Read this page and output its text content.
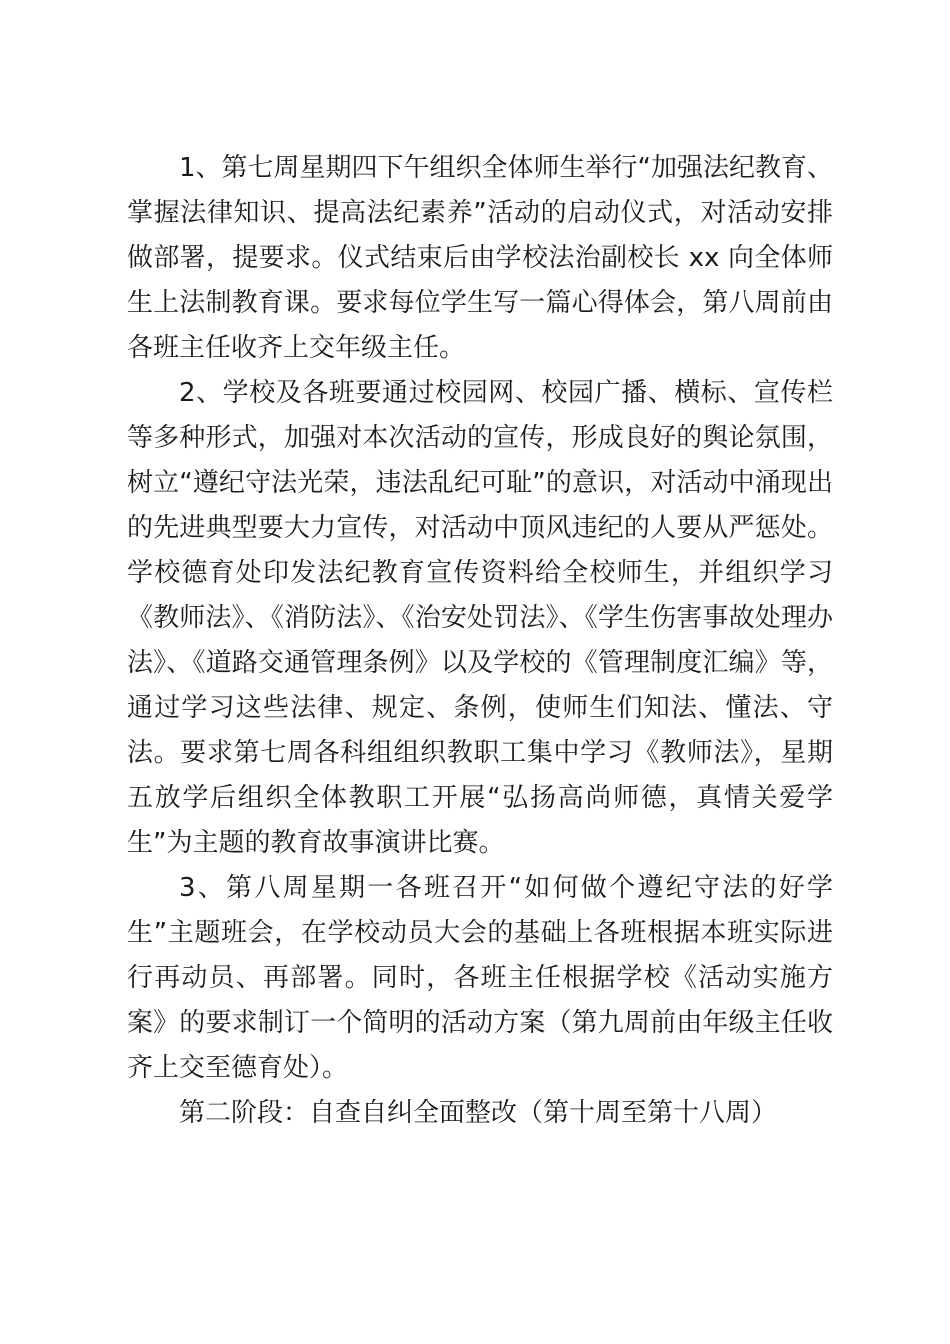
1、第七周星期四下午组织全体师生举行“加强法纪教育、掌握法律知识、提高法纪素养”活动的启动仪式，对活动安排做部署，提要求。仪式结束后由学校法治副校长 xx 向全体师生上法制教育课。要求每位学生写一篇心得体会，第八周前由各班主任收齐上交年级主任。

2、学校及各班要通过校园网、校园广播、横标、宣传栏等多种形式，加强对本次活动的宣传，形成良好的舆论氛围，树立“遵纪守法光荣，违法乱纪可耻”的意识，对活动中涌现出的先进典型要大力宣传，对活动中顶风违纪的人要从严惩处。学校德育处印发法纪教育宣传资料给全校师生，并组织学习《教师法》、《消防法》、《治安处罚法》、《学生伤害事故处理办法》、《道路交通管理条例》以及学校的《管理制度汇编》等，通过学习这些法律、规定、条例，使师生们知法、懂法、守法。要求第七周各科组组织教职工集中学习《教师法》，星期五放学后组织全体教职工开展“弘扬高尚师德，真情关爱学生”为主题的教育故事演讲比赛。

3、第八周星期一各班召开“如何做个遵纪守法的好学生”主题班会，在学校动员大会的基础上各班根据本班实际进行再动员、再部署。同时，各班主任根据学校《活动实施方案》的要求制订一个简明的活动方案（第九周前由年级主任收齐上交至德育处）。

第二阶段：自查自纠全面整改（第十周至第十八周）
